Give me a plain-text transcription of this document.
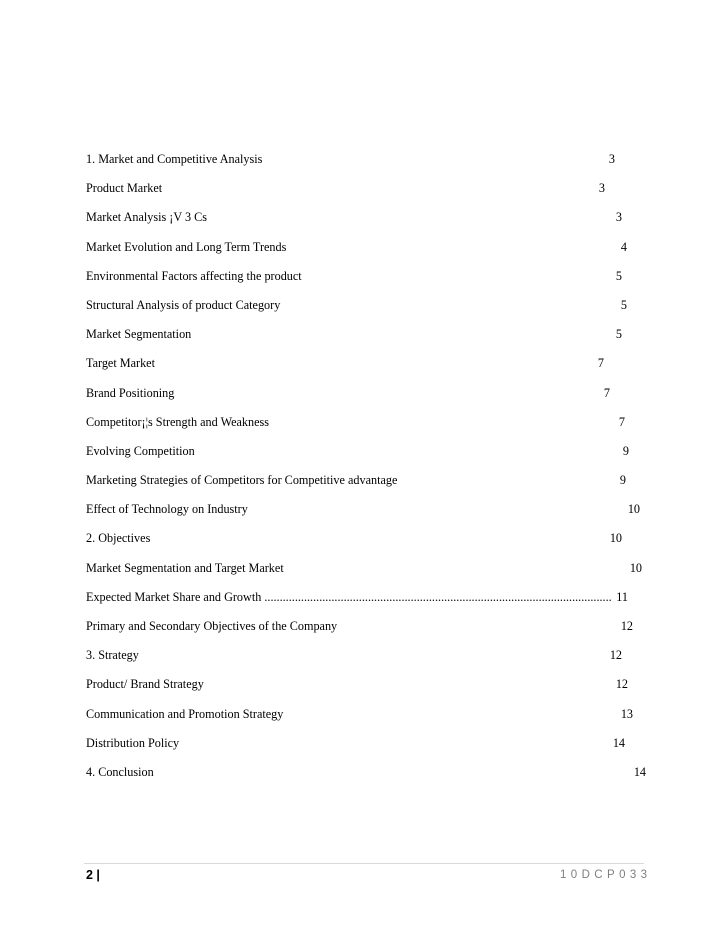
1. Market and Competitive Analysis	3
Product Market	3
Market Analysis ¡V 3 Cs	3
Market Evolution and Long Term Trends	4
Environmental Factors affecting the product	5
Structural Analysis of product Category	5
Market Segmentation	5
Target Market	7
Brand Positioning	7
Competitor¡¦s Strength and Weakness	7
Evolving Competition	9
Marketing Strategies of Competitors for Competitive advantage	9
Effect of Technology on Industry	10
2. Objectives	10
Market Segmentation and Target Market	10
Expected Market Share and Growth .................................................................................................................. 11
Primary and Secondary Objectives of the Company	12
3. Strategy	12
Product/ Brand Strategy	12
Communication and Promotion Strategy	13
Distribution Policy	14
4. Conclusion	14
2 |	10DCP033
